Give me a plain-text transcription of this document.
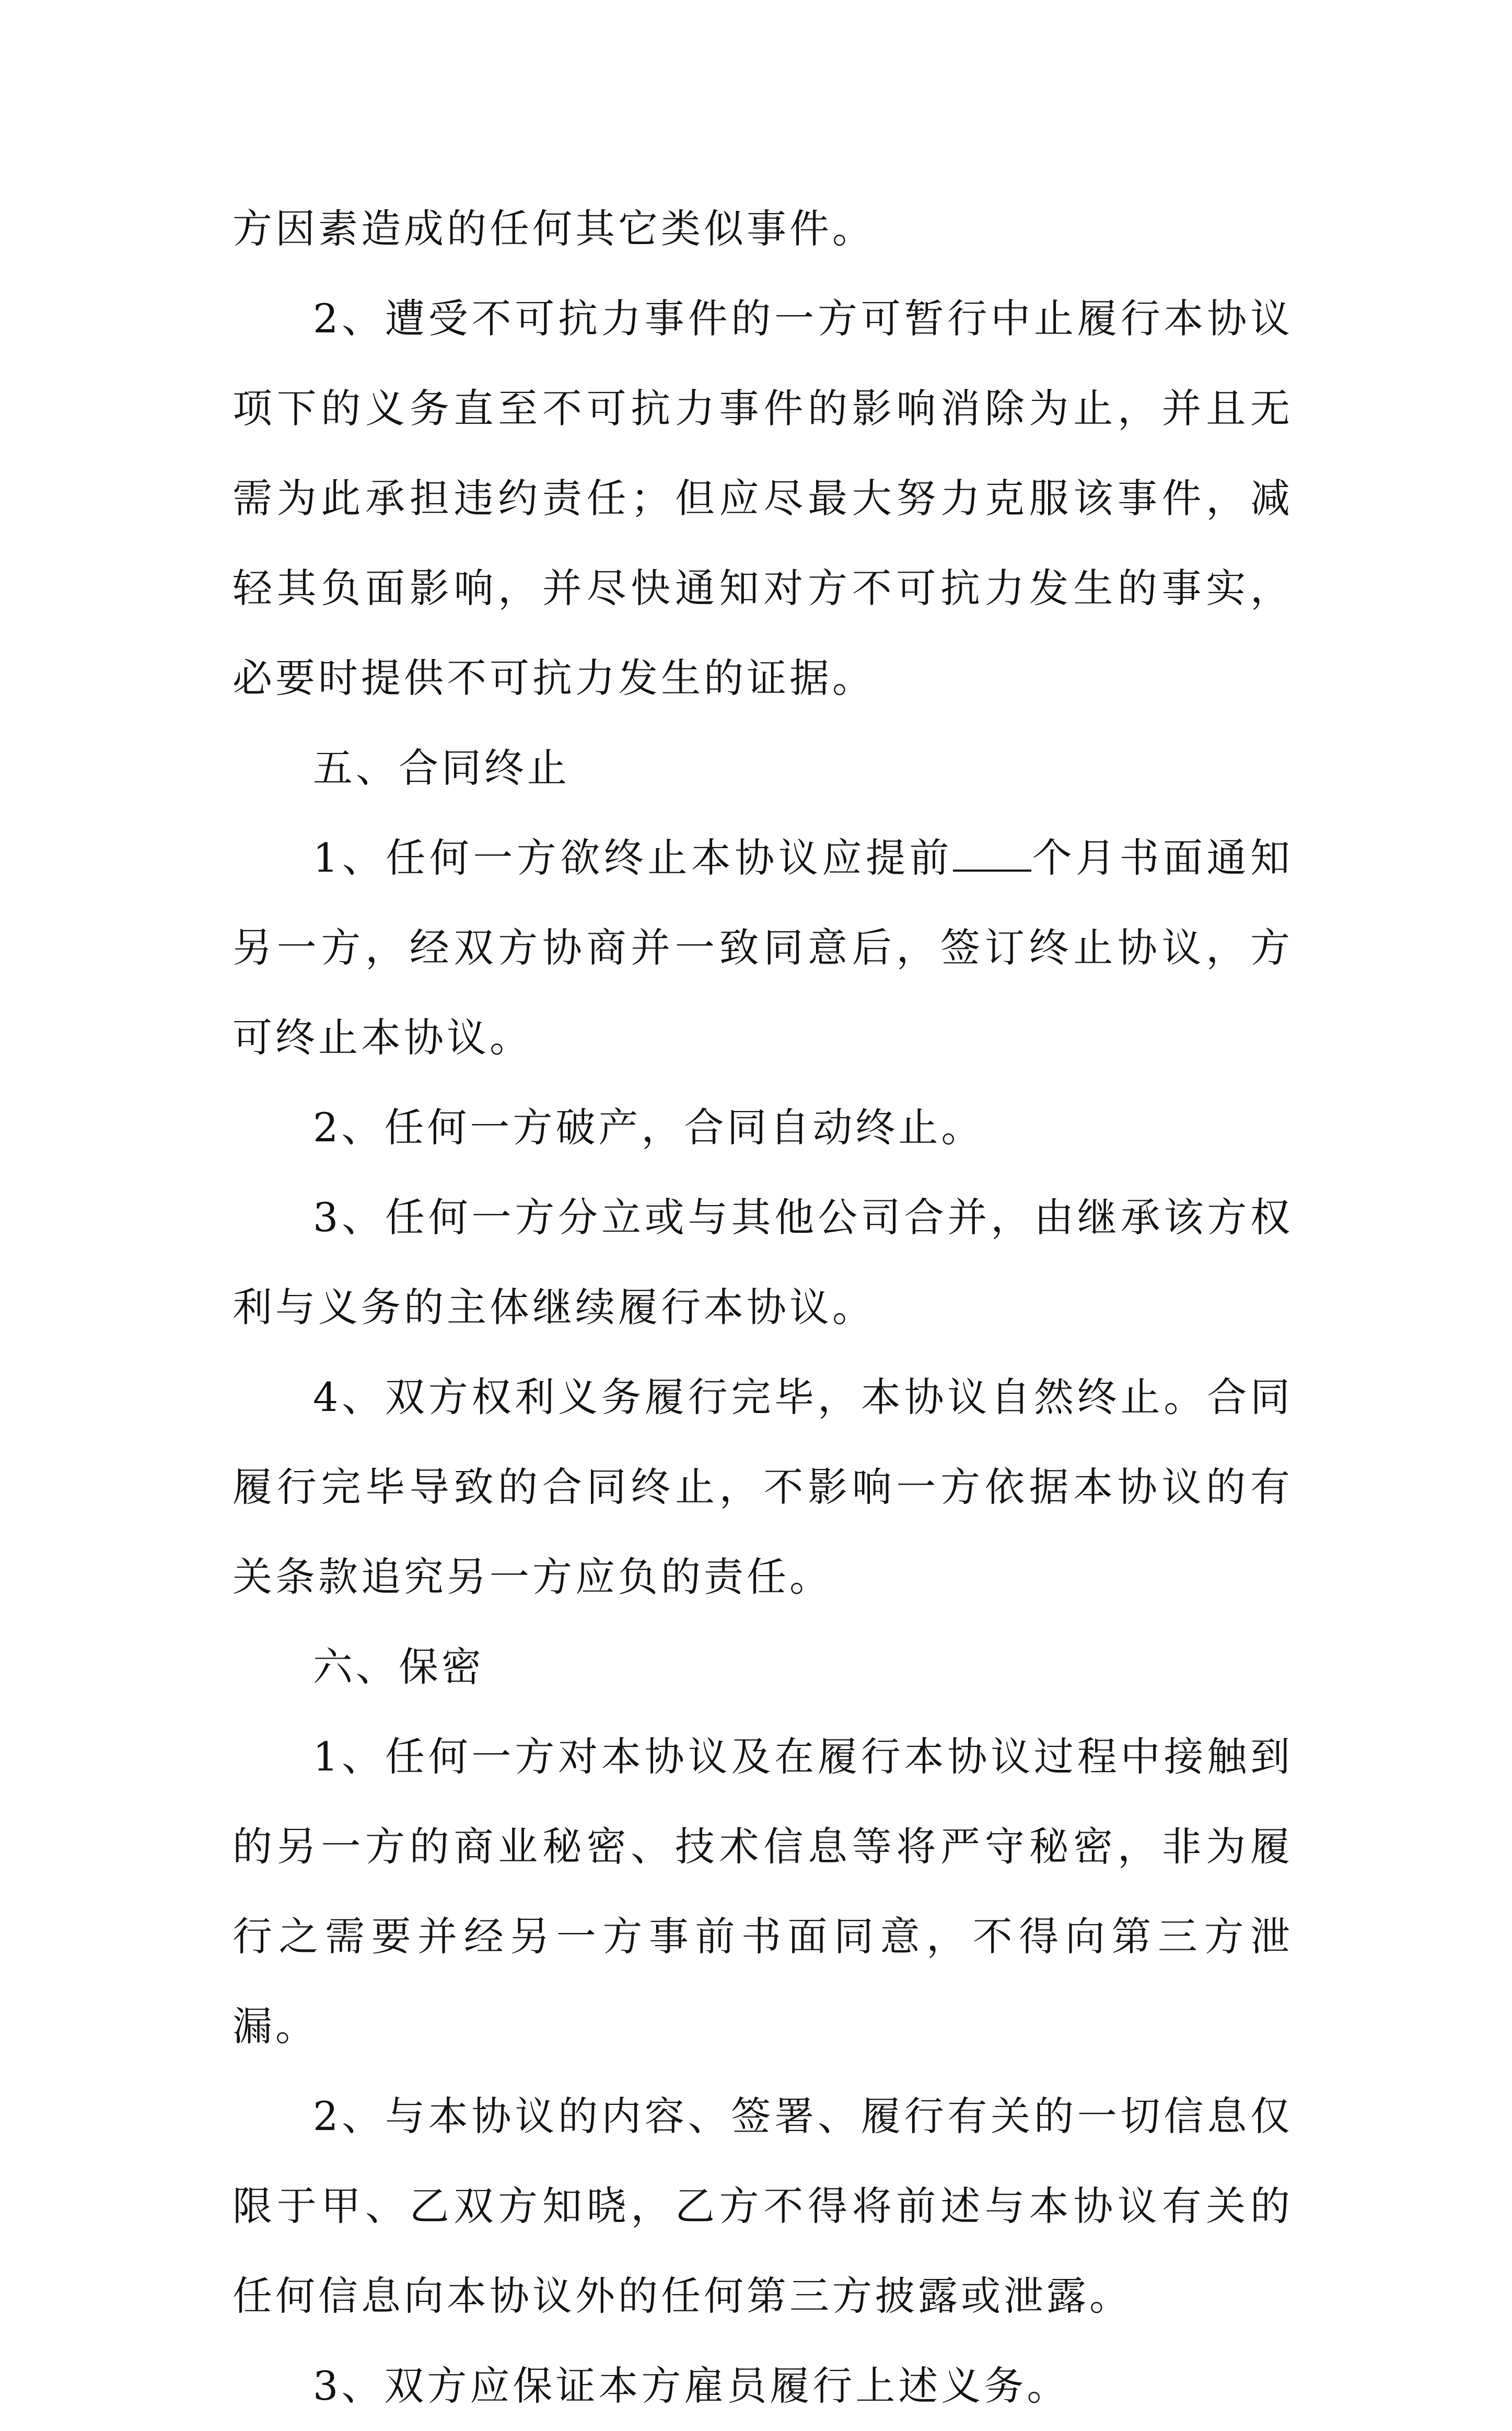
方因素造成的任何其它类似事件。

2、遭受不可抗力事件的一方可暂行中止履行本协议项下的义务直至不可抗力事件的影响消除为止，并且无需为此承担违约责任；但应尽最大努力克服该事件，减轻其负面影响，并尽快通知对方不可抗力发生的事实，必要时提供不可抗力发生的证据。

五、合同终止

1、任何一方欲终止本协议应提前 个月书面通知另一方，经双方协商并一致同意后，签订终止协议，方可终止本协议。

2、任何一方破产，合同自动终止。

3、任何一方分立或与其他公司合并，由继承该方权利与义务的主体继续履行本协议。

4、双方权利义务履行完毕，本协议自然终止。合同履行完毕导致的合同终止，不影响一方依据本协议的有关条款追究另一方应负的责任。

六、保密

1、任何一方对本协议及在履行本协议过程中接触到的另一方的商业秘密、技术信息等将严守秘密，非为履行之需要并经另一方事前书面同意，不得向第三方泄漏。

2、与本协议的内容、签署、履行有关的一切信息仅限于甲、乙双方知晓，乙方不得将前述与本协议有关的任何信息向本协议外的任何第三方披露或泄露。

3、双方应保证本方雇员履行上述义务。
